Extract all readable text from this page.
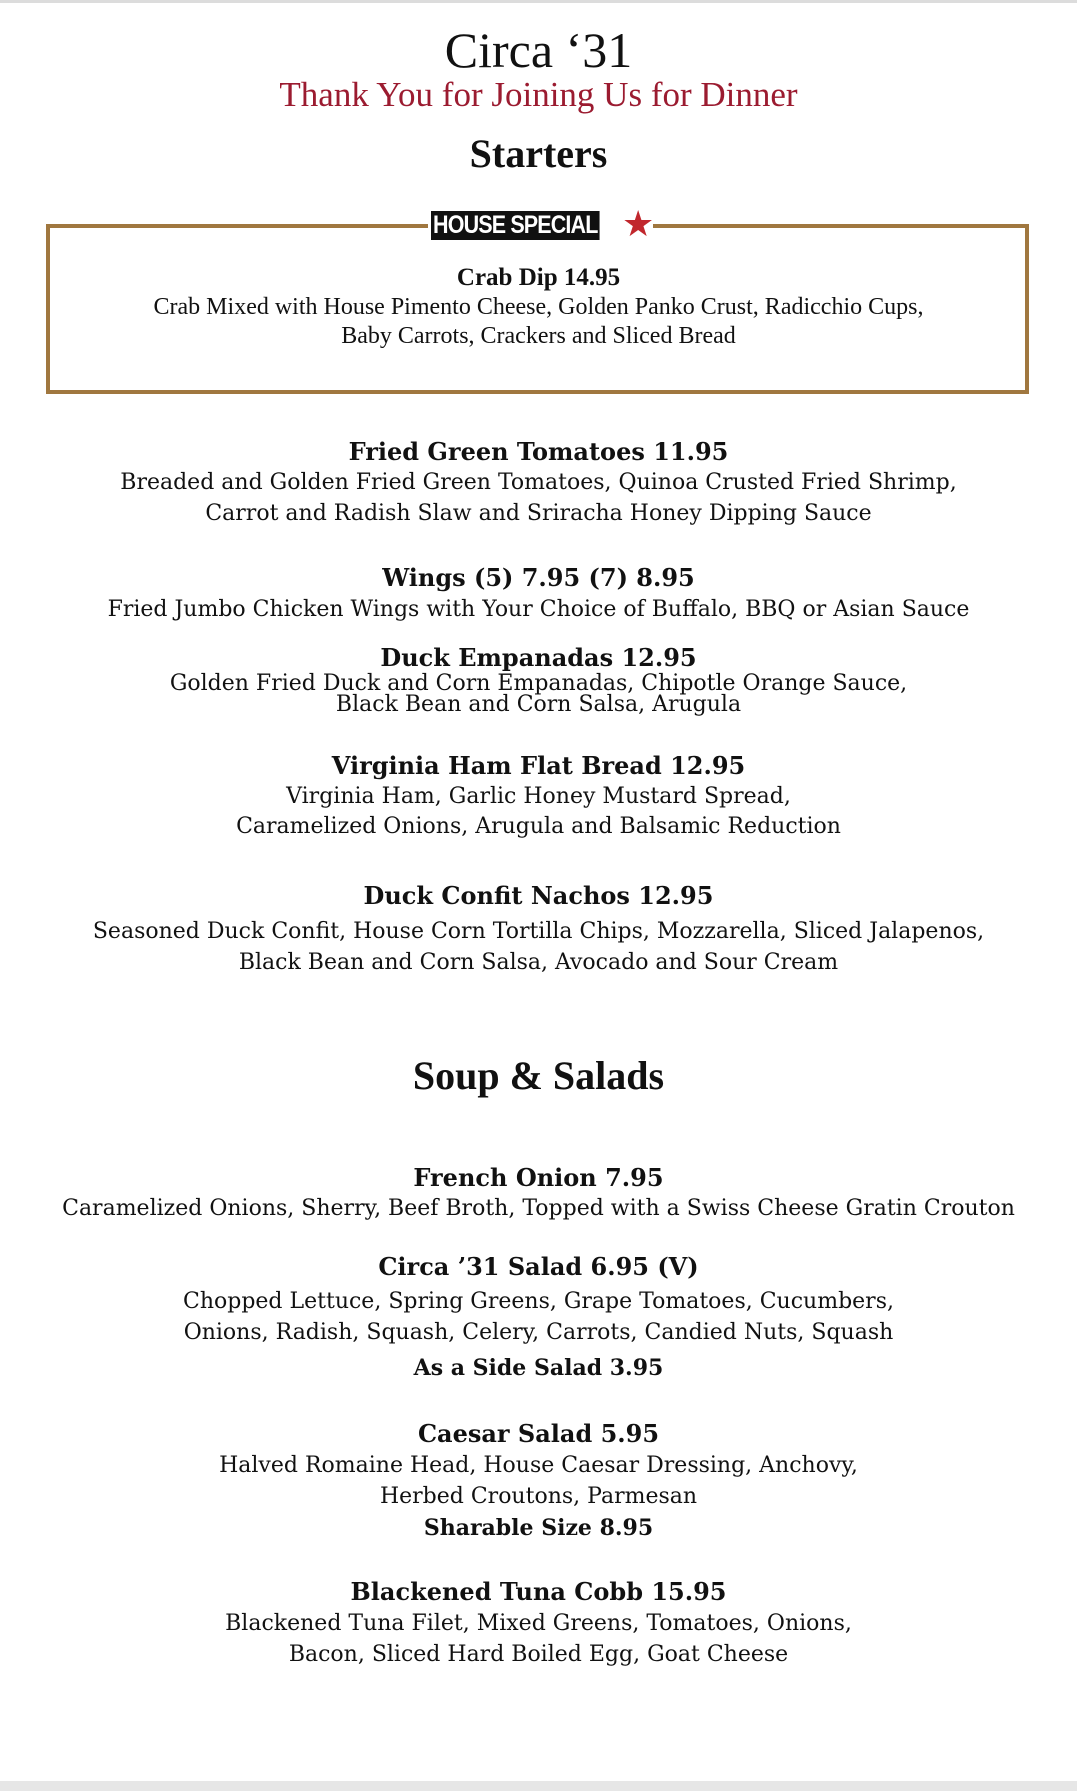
Circa ‘31
Thank You for Joining Us for Dinner
Starters
HOUSE SPECIAL ★
Crab Dip 14.95
Crab Mixed with House Pimento Cheese, Golden Panko Crust, Radicchio Cups,
Baby Carrots, Crackers and Sliced Bread
Fried Green Tomatoes 11.95
Breaded and Golden Fried Green Tomatoes, Quinoa Crusted Fried Shrimp,
Carrot and Radish Slaw and Sriracha Honey Dipping Sauce
Wings (5) 7.95 (7) 8.95
Fried Jumbo Chicken Wings with Your Choice of Buffalo, BBQ or Asian Sauce
Duck Empanadas 12.95
Golden Fried Duck and Corn Empanadas, Chipotle Orange Sauce,
Black Bean and Corn Salsa, Arugula
Virginia Ham Flat Bread 12.95
Virginia Ham, Garlic Honey Mustard Spread,
Caramelized Onions, Arugula and Balsamic Reduction
Duck Confit Nachos 12.95
Seasoned Duck Confit, House Corn Tortilla Chips, Mozzarella, Sliced Jalapenos,
Black Bean and Corn Salsa, Avocado and Sour Cream
Soup & Salads
French Onion 7.95
Caramelized Onions, Sherry, Beef Broth, Topped with a Swiss Cheese Gratin Crouton
Circa ’31 Salad 6.95 (V)
Chopped Lettuce, Spring Greens, Grape Tomatoes, Cucumbers,
Onions, Radish, Squash, Celery, Carrots, Candied Nuts, Squash
As a Side Salad 3.95
Caesar Salad 5.95
Halved Romaine Head, House Caesar Dressing, Anchovy,
Herbed Croutons, Parmesan
Sharable Size 8.95
Blackened Tuna Cobb 15.95
Blackened Tuna Filet, Mixed Greens, Tomatoes, Onions,
Bacon, Sliced Hard Boiled Egg, Goat Cheese
